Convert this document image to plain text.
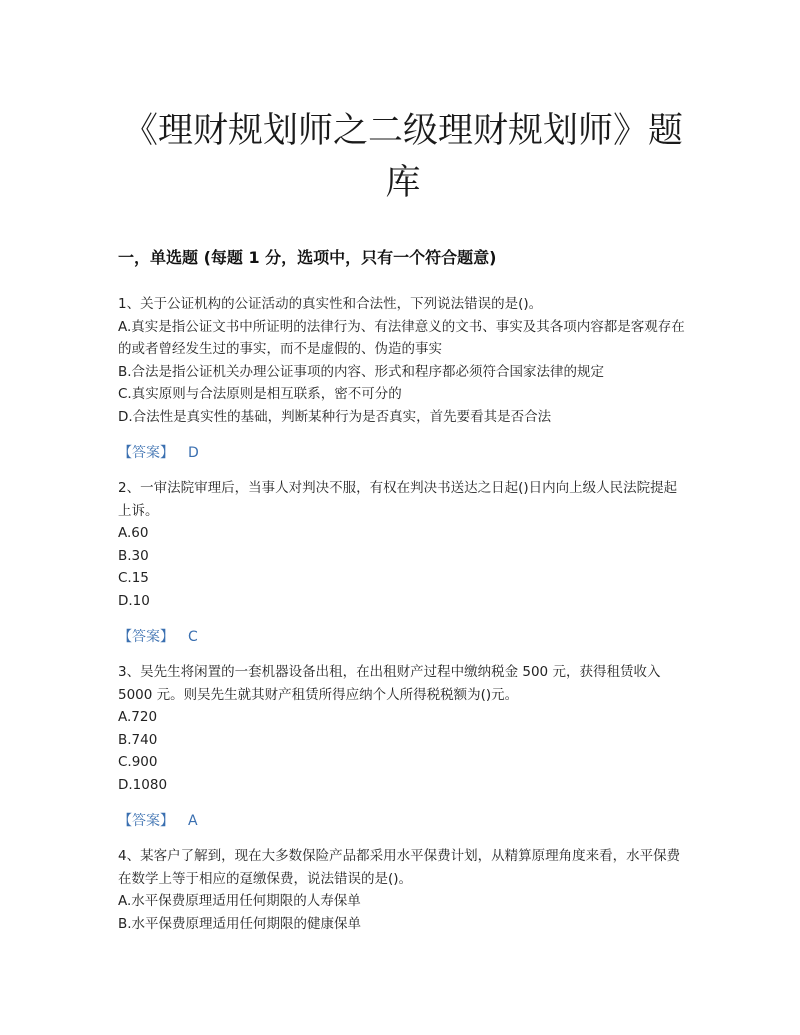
《理财规划师之二级理财规划师》题库
一，单选题 (每题 1 分，选项中，只有一个符合题意)

1、关于公证机构的公证活动的真实性和合法性，下列说法错误的是()。

A.真实是指公证文书中所证明的法律行为、有法律意义的文书、事实及其各项内容都是客观存在的或者曾经发生过的事实，而不是虚假的、伪造的事实

B.合法是指公证机关办理公证事项的内容、形式和程序都必须符合国家法律的规定

C.真实原则与合法原则是相互联系，密不可分的

D.合法性是真实性的基础，判断某种行为是否真实，首先要看其是否合法

【答案】 D

2、一审法院审理后，当事人对判决不服，有权在判决书送达之日起()日内向上级人民法院提起上诉。

A.60

B.30

C.15

D.10

【答案】 C

3、吴先生将闲置的一套机器设备出租，在出租财产过程中缴纳税金 500 元，获得租赁收入 5000 元。则吴先生就其财产租赁所得应纳个人所得税税额为()元。

A.720

B.740

C.900

D.1080

【答案】 A

4、某客户了解到，现在大多数保险产品都采用水平保费计划，从精算原理角度来看，水平保费在数学上等于相应的趸缴保费，说法错误的是()。

A.水平保费原理适用任何期限的人寿保单

B.水平保费原理适用任何期限的健康保单
